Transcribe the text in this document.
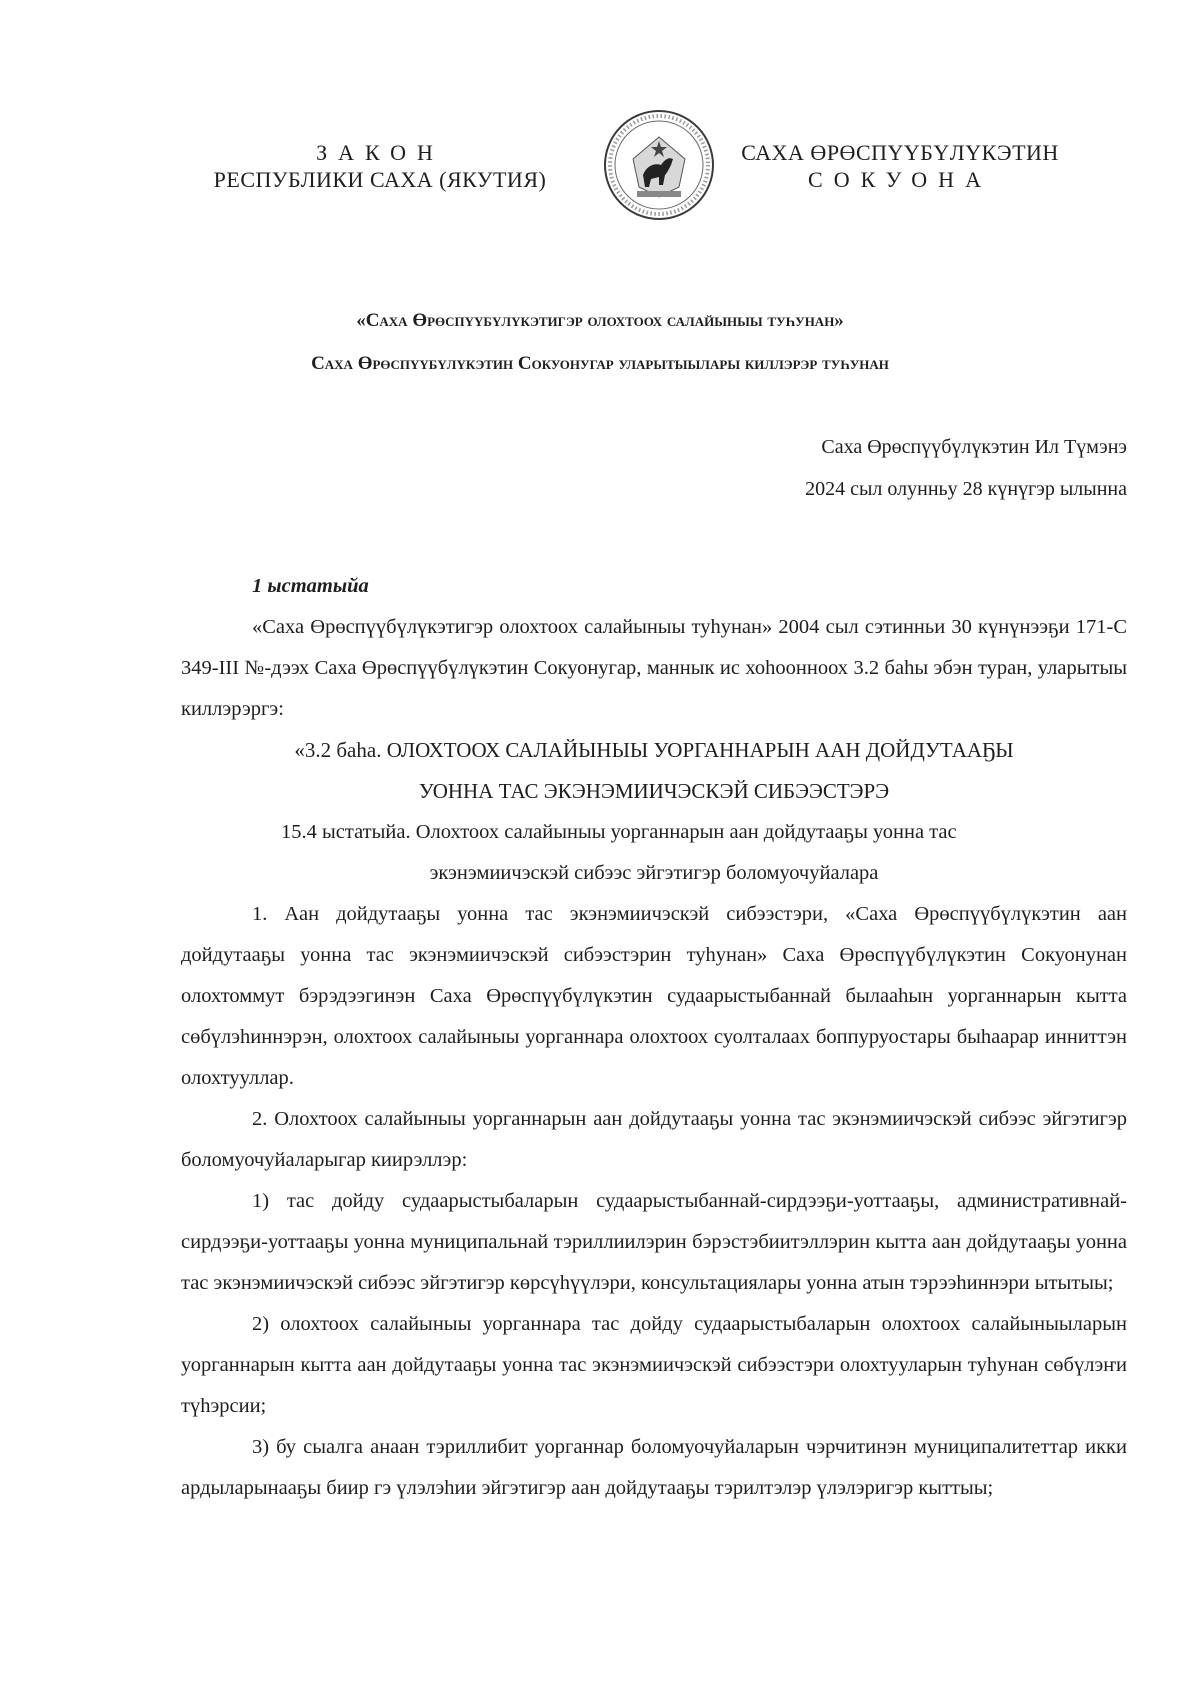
ЗАКОН
РЕСПУБЛИКИ САХА (ЯКУТИЯ)
САХА ӨРӨСПҮҮБҮЛҮКЭТИН
СОКУОНА
«Саха Өрөспүүбүлүкэтигэр олохтоох салайыныы туһунан»
Саха Өрөспүүбүлүкэтин Сокуонугар уларытыылары киллэрэр туһунан
Саха Өрөспүүбүлүкэтин Ил Түмэнэ
2024 сыл олунньу 28 күнүгэр ылынна

1 ыстатыйа

«Саха Өрөспүүбүлүкэтигэр олохтоох салайыныы туһунан» 2004 сыл сэтинньи 30 күнүнээҕи 171-С 349-III №-дээх Саха Өрөспүүбүлүкэтин Сокуонугар, маннык ис хоһоонноох 3.2 баһы эбэн туран, уларытыы киллэрэргэ:

«3.2 баһа. ОЛОХТООХ САЛАЙЫНЫЫ УОРГАННАРЫН ААН ДОЙДУТААҔЫ

УОННА ТАС ЭКЭНЭМИИЧЭСКЭЙ СИБЭЭСТЭРЭ

15.4 ыстатыйа. Олохтоох салайыныы уорганнарын аан дойдутааҕы уонна тас
экэнэмиичэскэй сибээс эйгэтигэр боломуочуйалара

1. Аан дойдутааҕы уонна тас экэнэмиичэскэй сибээстэри, «Саха Өрөспүүбүлүкэтин аан дойдутааҕы уонна тас экэнэмиичэскэй сибээстэрин туһунан» Саха Өрөспүүбүлүкэтин Сокуонунан олохтоммут бэрэдээгинэн Саха Өрөспүүбүлүкэтин судаарыстыбаннай былааһын уорганнарын кытта сөбүлэһиннэрэн, олохтоох салайыныы уорганнара олохтоох суолталаах боппуруостары быһаарар инниттэн олохтууллар.

2. Олохтоох салайыныы уорганнарын аан дойдутааҕы уонна тас экэнэмиичэскэй сибээс эйгэтигэр боломуочуйаларыгар киирэллэр:

1) тас дойду судаарыстыбаларын судаарыстыбаннай-сирдээҕи-уоттааҕы, административнай-сирдээҕи-уоттааҕы уонна муниципальнай тэриллиилэрин бэрэстэбиитэллэрин кытта аан дойдутааҕы уонна тас экэнэмиичэскэй сибээс эйгэтигэр көрсүһүүлэри, консультациялары уонна атын тэрээһиннэри ытытыы;

2) олохтоох салайыныы уорганнара тас дойду судаарыстыбаларын олохтоох салайыныыларын уорганнарын кытта аан дойдутааҕы уонна тас экэнэмиичэскэй сибээстэри олохтууларын туһунан сөбүлэҥи түһэрсии;

3) бу сыалга анаан тэриллибит уорганнар боломуочуйаларын чэрчитинэн муниципалитеттар икки ардыларынааҕы биир гэ үлэлэһии эйгэтигэр аан дойдутааҕы тэрилтэлэр үлэлэригэр кыттыы;
